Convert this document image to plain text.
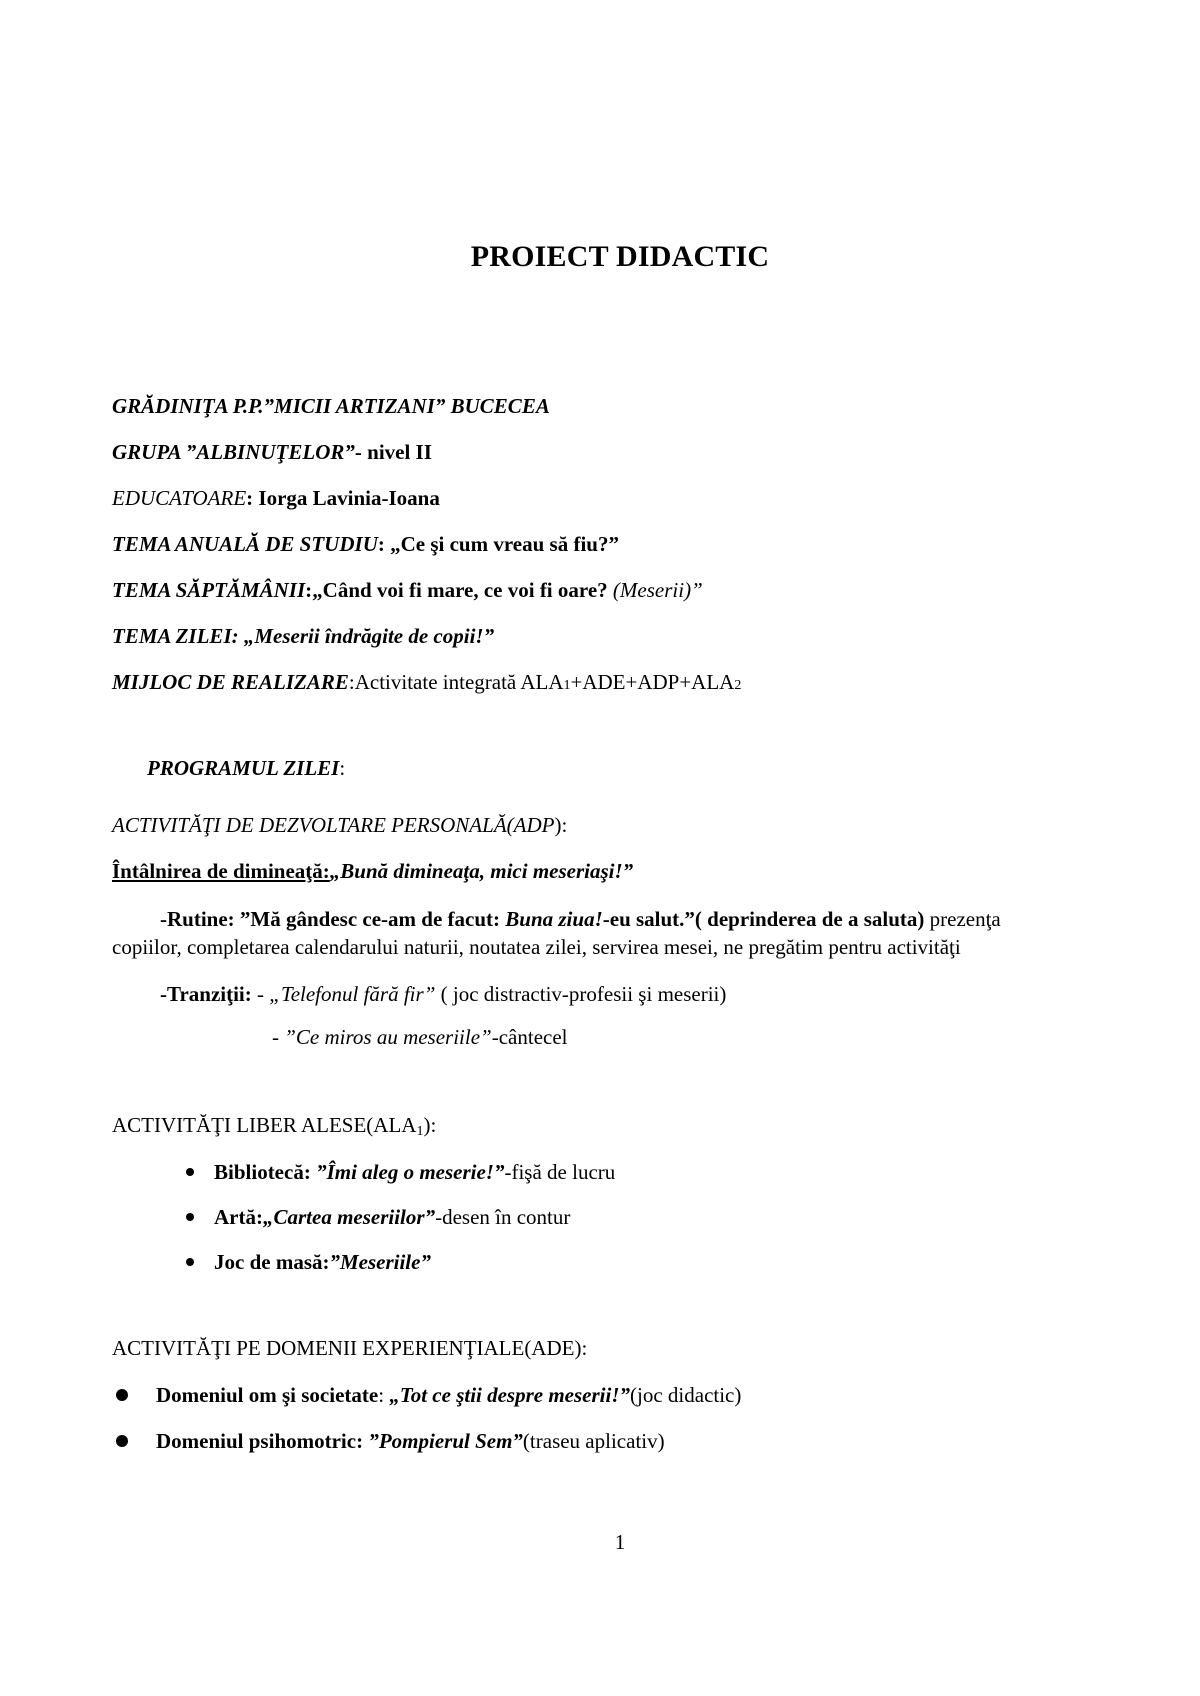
PROIECT DIDACTIC
GRĂDINIŢA P.P.”MICII ARTIZANI” BUCECEA
GRUPA ”ALBINUŢELOR”- nivel II
EDUCATOARE: Iorga Lavinia-Ioana
TEMA ANUALĂ DE STUDIU: „Ce şi cum vreau să fiu?”
TEMA SĂPTĂMÂNII:„Când voi fi mare, ce voi fi oare? (Meserii)”
TEMA ZILEI: „Meserii îndrăgite de copii!”
MIJLOC DE REALIZARE:Activitate integrată ALA1+ADE+ADP+ALA2
PROGRAMUL ZILEI:
ACTIVITĂŢI DE DEZVOLTARE PERSONALĂ(ADP):
Întâlnirea de dimineaţă:„Bună dimineaţa, mici meseriaşi!”
-Rutine: ”Mă gândesc ce-am de facut: Buna ziua!-eu salut.”( deprinderea de a saluta) prezenţa
copiilor, completarea calendarului naturii, noutatea zilei, servirea mesei, ne pregătim pentru activităţi
-Tranziţii: - „Telefonul fără fir” ( joc distractiv-profesii şi meserii)
- ”Ce miros au meseriile”-cântecel
ACTIVITĂŢI LIBER $ALESE(ALA_1)$:
Bibliotecă: ”Îmi aleg o meserie!”-fişă de lucru
Artă:„Cartea meseriilor”-desen în contur
Joc de masă:”Meseriile”
ACTIVITĂŢI PE DOMENII EXPERIENŢIALE(ADE):
Domeniul om şi societate: „Tot ce ştii despre meserii!”(joc didactic)
Domeniul psihomotric: ”Pompierul Sem”(traseu aplicativ)
1
